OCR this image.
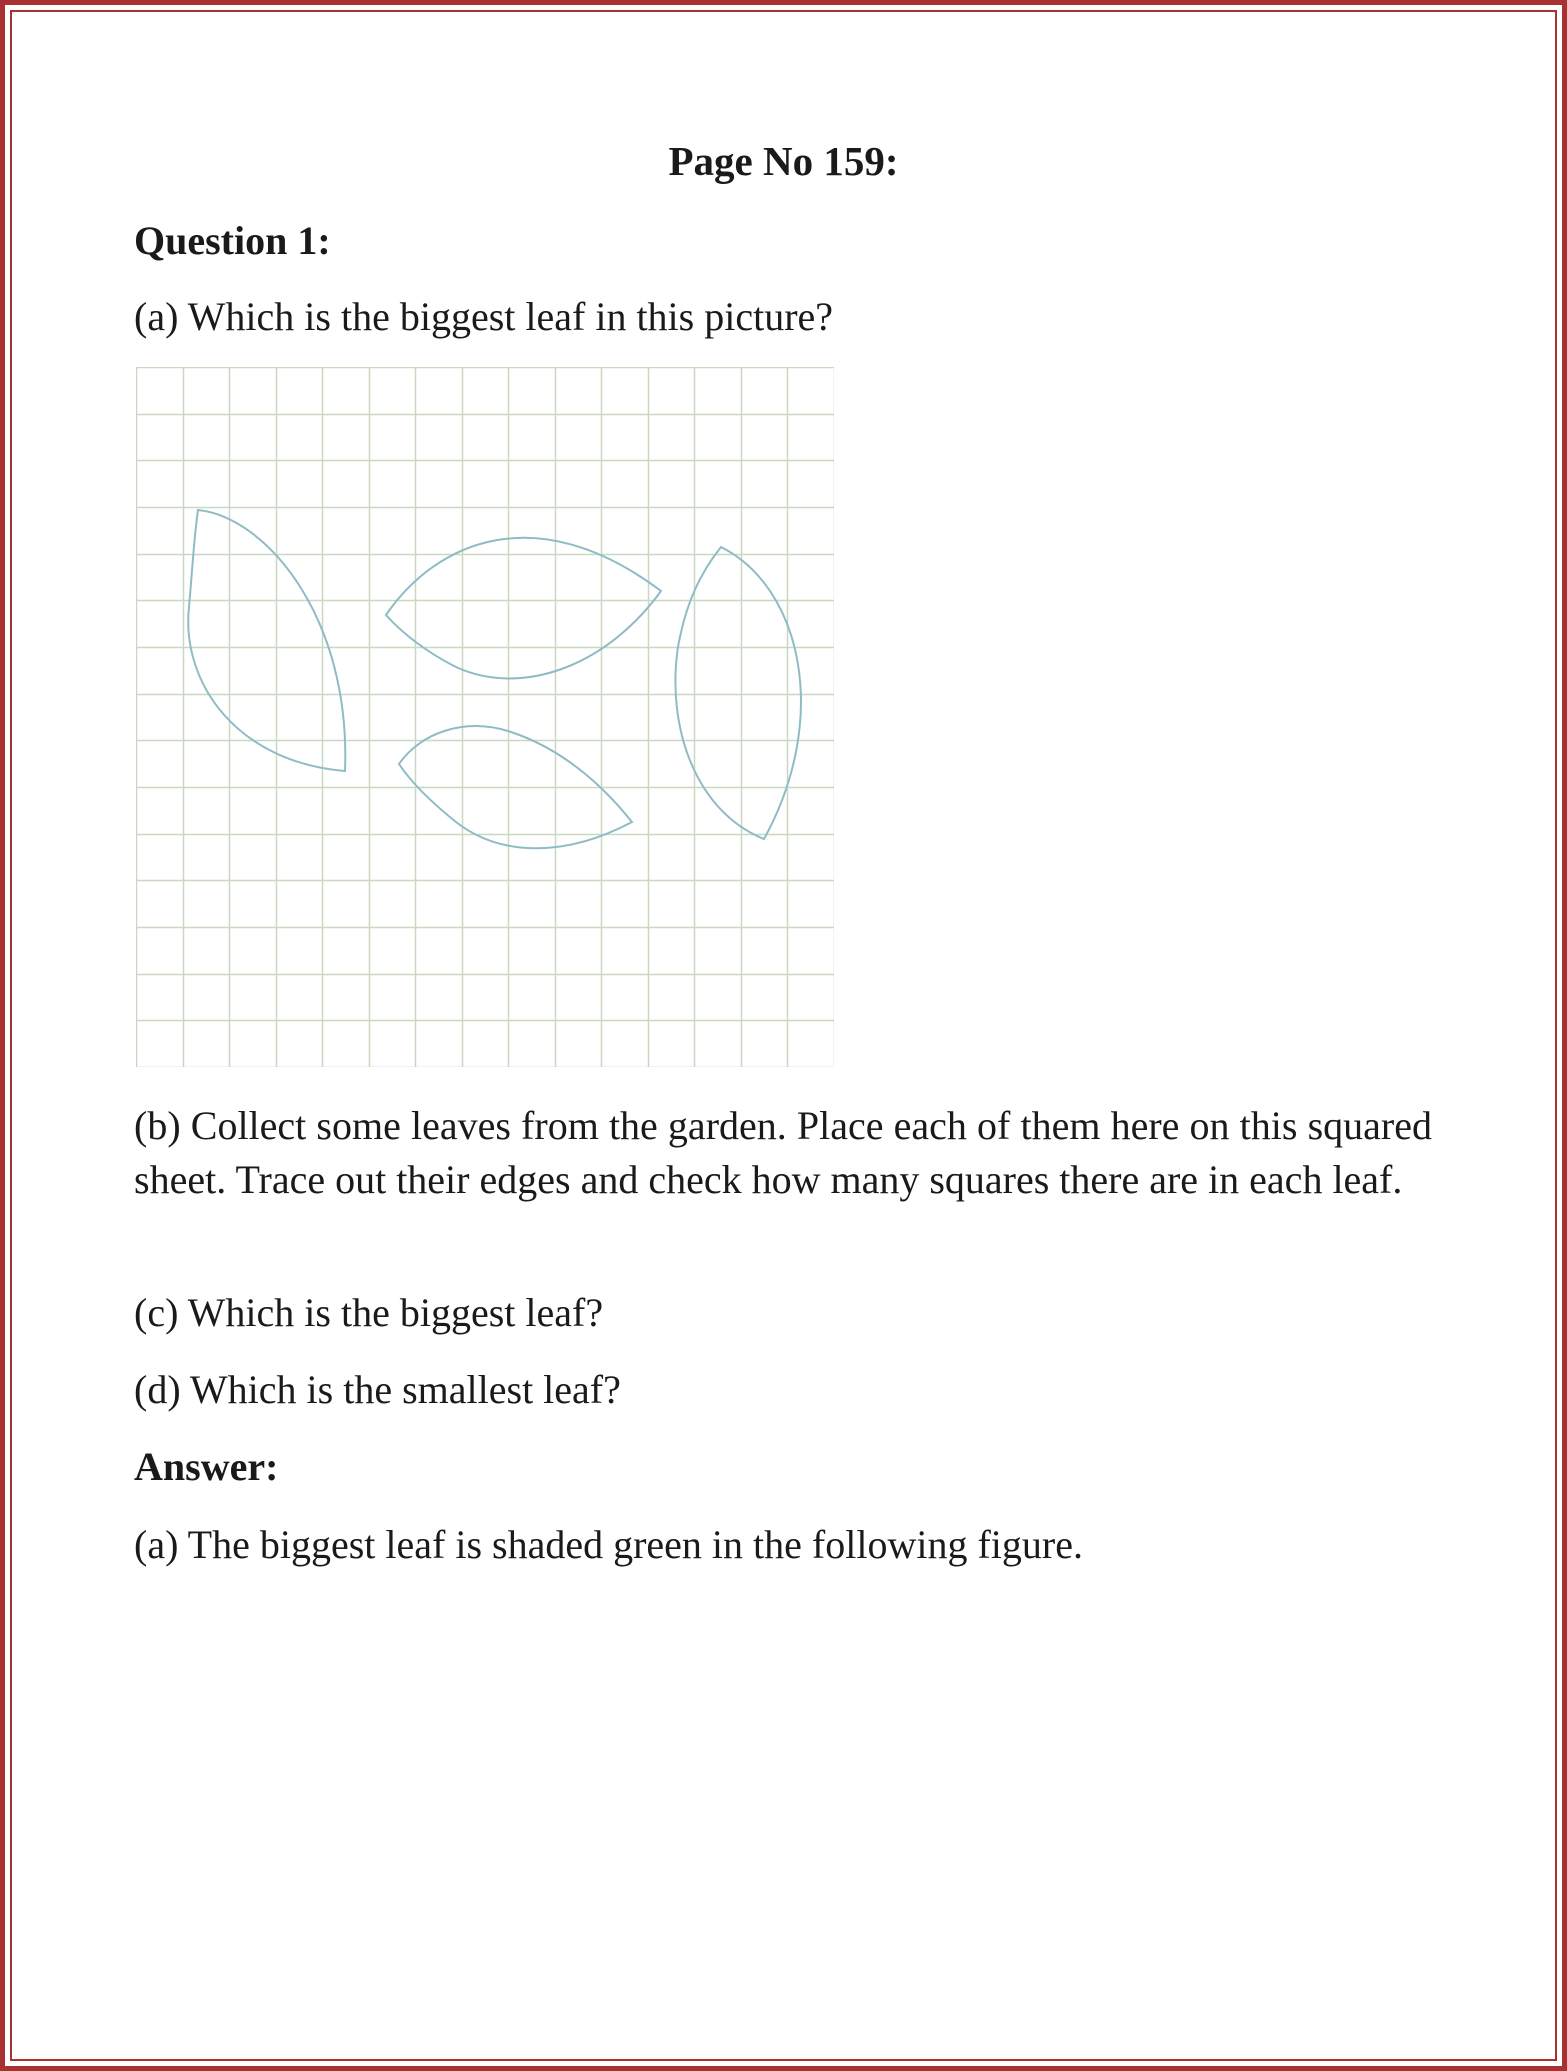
Page No 159:
Question 1:
(a) Which is the biggest leaf in this picture?
(b) Collect some leaves from the garden. Place each of them here on this squared sheet. Trace out their edges and check how many squares there are in each leaf.
(c) Which is the biggest leaf?
(d) Which is the smallest leaf?
Answer:
(a) The biggest leaf is shaded green in the following figure.
